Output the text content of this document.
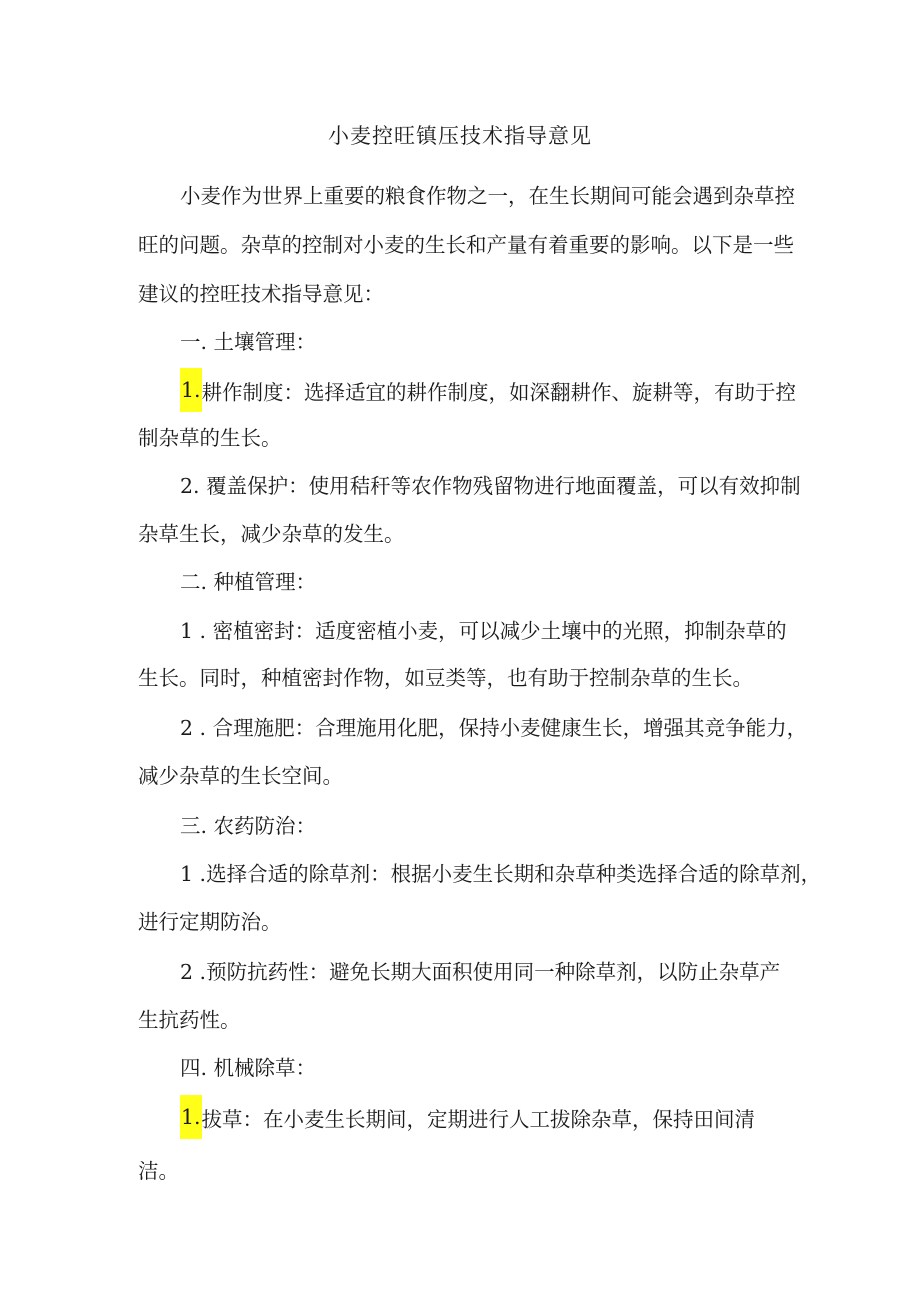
小麦控旺镇压技术指导意见
小麦作为世界上重要的粮食作物之一，在生长期间可能会遇到杂草控
旺的问题。杂草的控制对小麦的生长和产量有着重要的影响。以下是一些
建议的控旺技术指导意见：
一. 土壤管理：
1.耕作制度：选择适宜的耕作制度，如深翻耕作、旋耕等，有助于控
制杂草的生长。
2. 覆盖保护：使用秸秆等农作物残留物进行地面覆盖，可以有效抑制
杂草生长，减少杂草的发生。
二. 种植管理：
1 . 密植密封：适度密植小麦，可以减少土壤中的光照，抑制杂草的
生长。同时，种植密封作物，如豆类等，也有助于控制杂草的生长。
2 . 合理施肥：合理施用化肥，保持小麦健康生长，增强其竞争能力，
减少杂草的生长空间。
三. 农药防治：
1 .选择合适的除草剂：根据小麦生长期和杂草种类选择合适的除草剂，
进行定期防治。
2 .预防抗药性：避免长期大面积使用同一种除草剂，以防止杂草产
生抗药性。
四. 机械除草：
1.拔草：在小麦生长期间，定期进行人工拔除杂草，保持田间清
洁。
